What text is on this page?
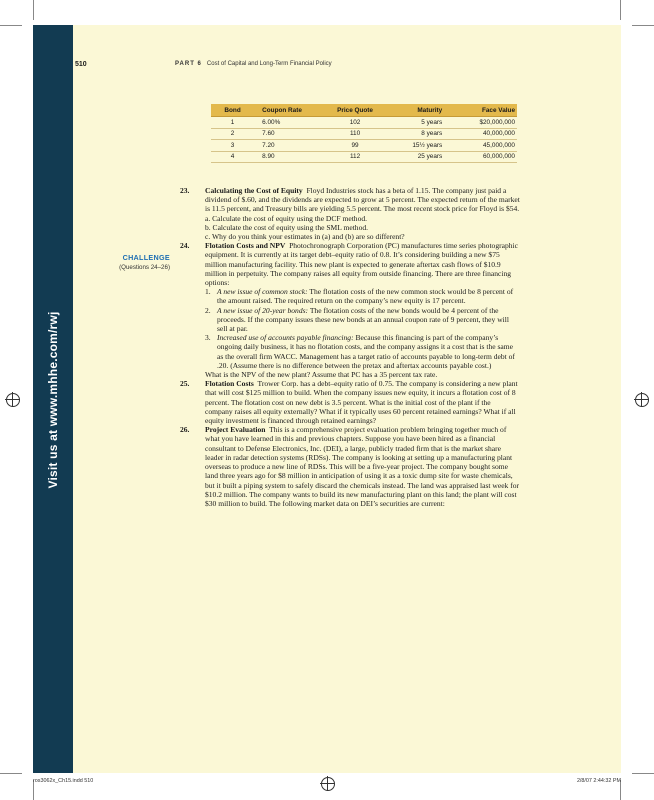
Visit us at www.mhhe.com/rwj
510	PART 6 Cost of Capital and Long-Term Financial Policy
Bond	Coupon Rate	Price Quote	Maturity	Face Value
1	6.00%	102	5 years	$20,000,000
2	7.60	110	8 years	40,000,000
3	7.20	99	15½ years	45,000,000
4	8.90	112	25 years	60,000,000
CHALLENGE
(Questions 24–26)
23. Calculating the Cost of Equity Floyd Industries stock has a beta of 1.15. The company just paid a dividend of $.60, and the dividends are expected to grow at 5 percent. The expected return of the market is 11.5 percent, and Treasury bills are yielding 5.5 percent. The most recent stock price for Floyd is $54.
a. Calculate the cost of equity using the DCF method.
b. Calculate the cost of equity using the SML method.
c. Why do you think your estimates in (a) and (b) are so different?
24. Flotation Costs and NPV Photochronograph Corporation (PC) manufactures time series photographic equipment. It is currently at its target debt–equity ratio of 0.8. It’s considering building a new $75 million manufacturing facility. This new plant is expected to generate aftertax cash flows of $10.9 million in perpetuity. The company raises all equity from outside financing. There are three financing options:
1. A new issue of common stock: The flotation costs of the new common stock would be 8 percent of the amount raised. The required return on the company’s new equity is 17 percent.
2. A new issue of 20-year bonds: The flotation costs of the new bonds would be 4 percent of the proceeds. If the company issues these new bonds at an annual coupon rate of 9 percent, they will sell at par.
3. Increased use of accounts payable financing: Because this financing is part of the company’s ongoing daily business, it has no flotation costs, and the company assigns it a cost that is the same as the overall firm WACC. Management has a target ratio of accounts payable to long-term debt of .20. (Assume there is no difference between the pretax and aftertax accounts payable cost.)
What is the NPV of the new plant? Assume that PC has a 35 percent tax rate.
25. Flotation Costs Trower Corp. has a debt–equity ratio of 0.75. The company is considering a new plant that will cost $125 million to build. When the company issues new equity, it incurs a flotation cost of 8 percent. The flotation cost on new debt is 3.5 percent. What is the initial cost of the plant if the company raises all equity externally? What if it typically uses 60 percent retained earnings? What if all equity investment is financed through retained earnings?
26. Project Evaluation This is a comprehensive project evaluation problem bringing together much of what you have learned in this and previous chapters. Suppose you have been hired as a financial consultant to Defense Electronics, Inc. (DEI), a large, publicly traded firm that is the market share leader in radar detection systems (RDSs). The company is looking at setting up a manufacturing plant overseas to produce a new line of RDSs. This will be a five-year project. The company bought some land three years ago for $8 million in anticipation of using it as a toxic dump site for waste chemicals, but it built a piping system to safely discard the chemicals instead. The land was appraised last week for $10.2 million. The company wants to build its new manufacturing plant on this land; the plant will cost $30 million to build. The following market data on DEI’s securities are current:
ros3062x_Ch15.indd 510	2/8/07 2:44:32 PM
